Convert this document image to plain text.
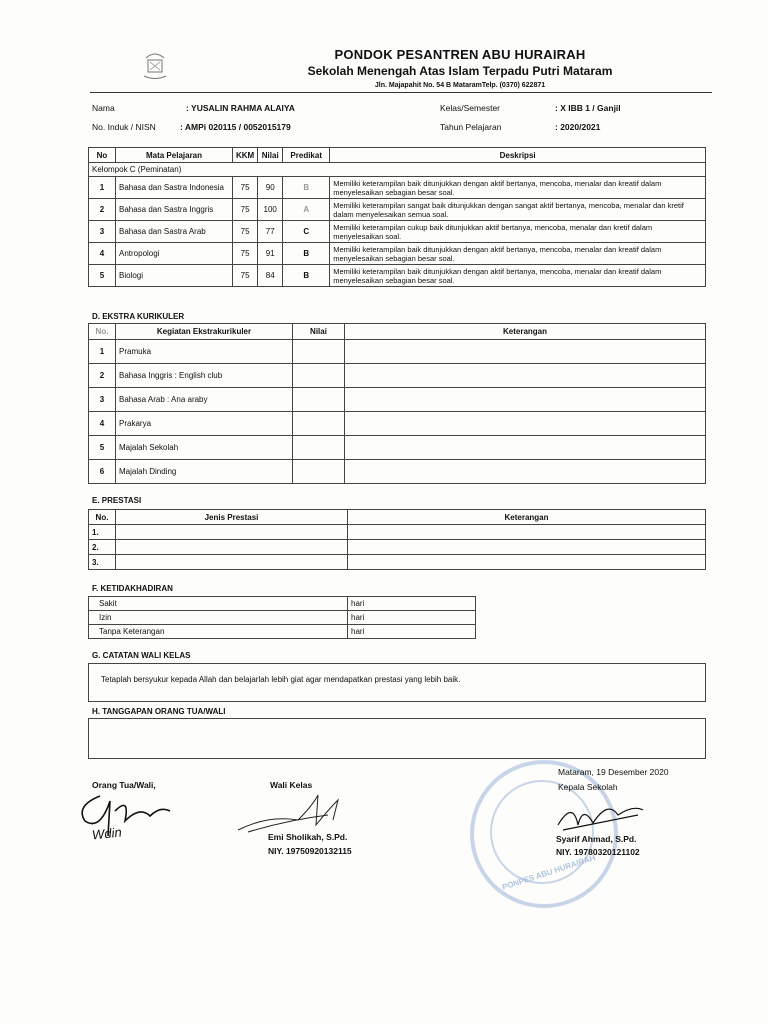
PONDOK PESANTREN ABU HURAIRAH
Sekolah Menengah Atas Islam Terpadu Putri Mataram
Jln. Majapahit No. 54 B MataramTelp. (0370) 622871
Nama	: YUSALIN RAHMA ALAIYA
No. Induk / NISN	: AMPi 020115 / 0052015179
Kelas/Semester	: X IBB 1 / Ganjil
Tahun Pelajaran	: 2020/2021
No	Mata Pelajaran	KKM	Nilai	Predikat	Deskripsi
Kelompok C (Peminatan)					
1	Bahasa dan Sastra Indonesia	75	90	B	Memiliki keterampilan baik ditunjukkan dengan aktif bertanya, mencoba, menalar dan kreatif dalam menyelesaikan sebagian besar soal.
2	Bahasa dan Sastra Inggris	75	100	A	Memiliki keterampilan sangat baik ditunjukkan dengan sangat aktif bertanya, mencoba, menalar dan kretif dalam menyelesaikan semua soal.
3	Bahasa dan Sastra Arab	75	77	C	Memiliki keterampilan cukup baik ditunjukkan aktif bertanya, mencoba, menalar dan kretif dalam menyelesaikan soal.
4	Antropologi	75	91	B	Memiliki keterampilan baik ditunjukkan dengan aktif bertanya, mencoba, menalar dan kreatif dalam menyelesaikan sebagian besar soal.
5	Biologi	75	84	B	Memiliki keterampilan baik ditunjukkan dengan aktif bertanya, mencoba, menalar dan kreatif dalam menyelesaikan sebagian besar soal.
D. EKSTRA KURIKULER
No.	Kegiatan Ekstrakurikuler	Nilai	Keterangan
1	Pramuka		
2	Bahasa Inggris : English club		
3	Bahasa Arab : Ana araby		
4	Prakarya		
5	Majalah Sekolah		
6	Majalah Dinding		
E. PRESTASI
No.	Jenis Prestasi	Keterangan
1.		
2.		
3.		
F. KETIDAKHADIRAN
Sakit	hari
Izin	hari
Tanpa Keterangan	hari
G. CATATAN WALI KELAS
Tetaplah bersyukur kepada Allah dan belajarlah lebih giat agar mendapatkan prestasi yang lebih baik.
H. TANGGAPAN ORANG TUA/WALI
PONPES ABU HURAIRAH
Orang Tua/Wali,
Wdin
Wali Kelas
Emi Sholikah, S.Pd.
NIY. 19750920132115
Mataram, 19 Desember 2020
Kepala Sekolah
Syarif Ahmad, S.Pd.
NIY. 19780320121102
